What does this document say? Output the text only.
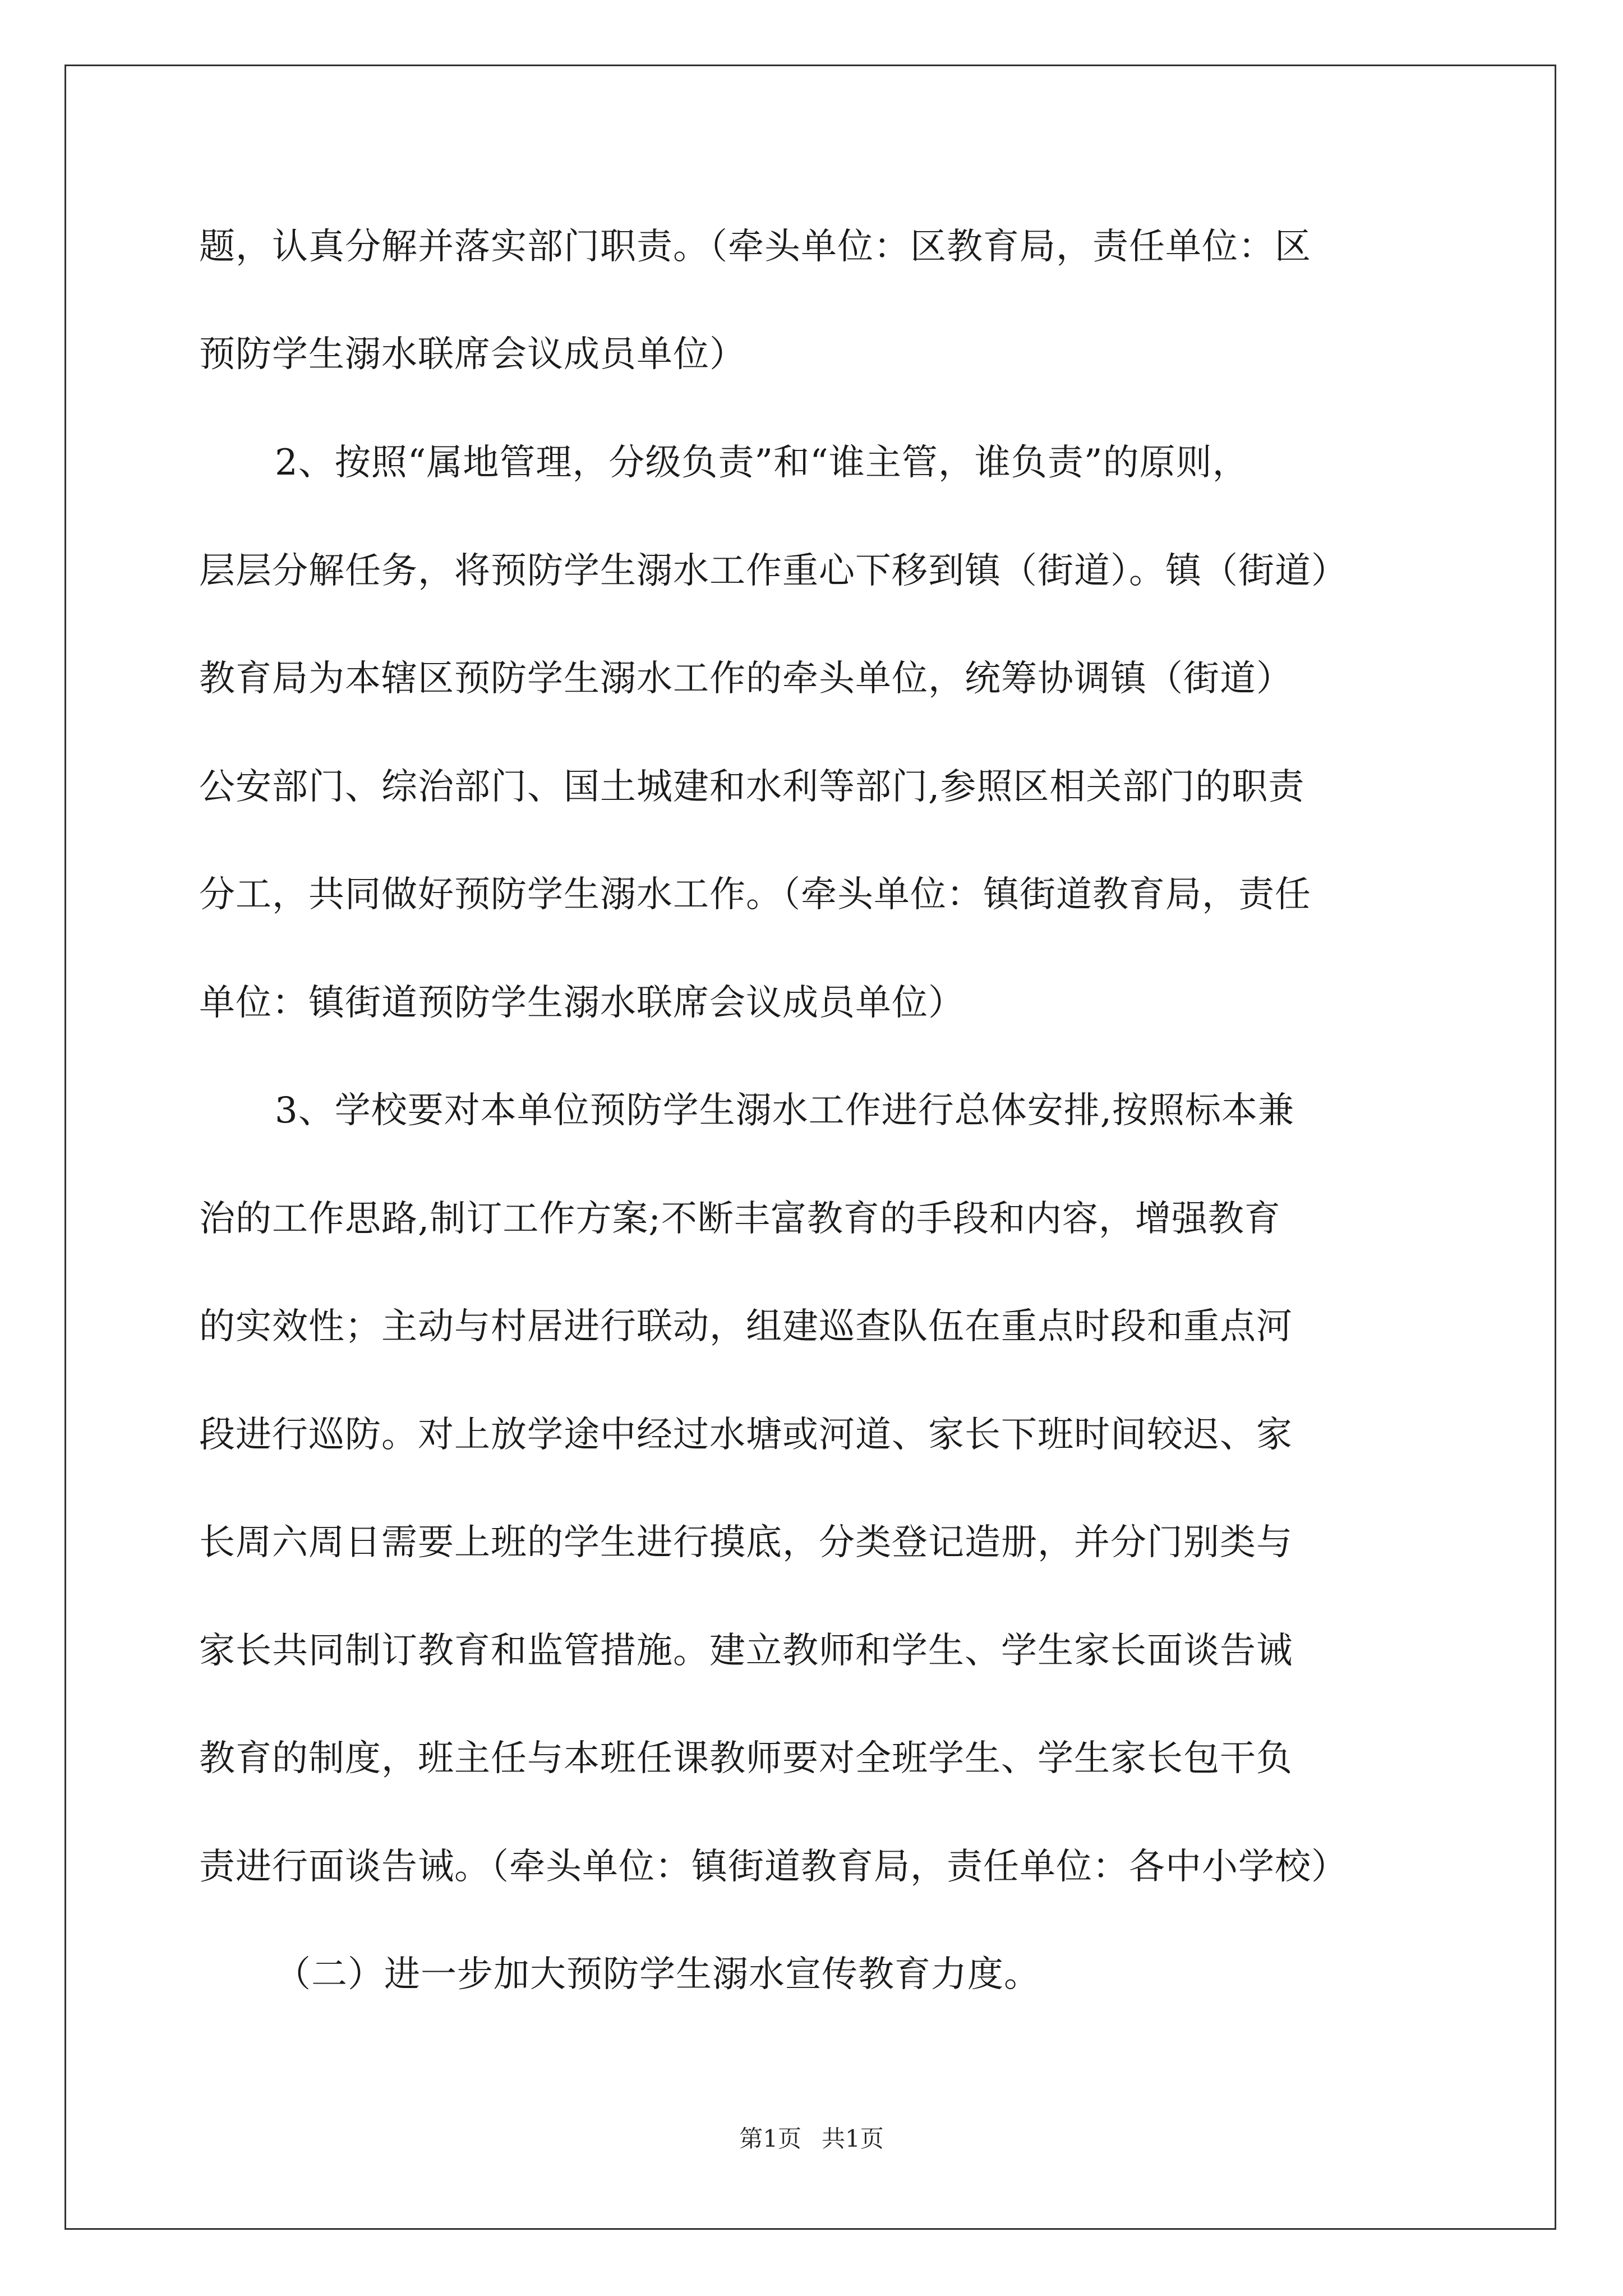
题，认真分解并落实部门职责。（牵头单位：区教育局，责任单位：区
预防学生溺水联席会议成员单位）
2、按照“属地管理，分级负责”和“谁主管，谁负责”的原则，
层层分解任务，将预防学生溺水工作重心下移到镇（街道）。镇（街道）
教育局为本辖区预防学生溺水工作的牵头单位，统筹协调镇（街道）
公安部门、综治部门、国土城建和水利等部门,参照区相关部门的职责
分工，共同做好预防学生溺水工作。（牵头单位：镇街道教育局，责任
单位：镇街道预防学生溺水联席会议成员单位）
3、学校要对本单位预防学生溺水工作进行总体安排,按照标本兼
治的工作思路,制订工作方案;不断丰富教育的手段和内容，增强教育
的实效性；主动与村居进行联动，组建巡查队伍在重点时段和重点河
段进行巡防。对上放学途中经过水塘或河道、家长下班时间较迟、家
长周六周日需要上班的学生进行摸底，分类登记造册，并分门别类与
家长共同制订教育和监管措施。建立教师和学生、学生家长面谈告诫
教育的制度，班主任与本班任课教师要对全班学生、学生家长包干负
责进行面谈告诫。（牵头单位：镇街道教育局，责任单位：各中小学校）
（二）进一步加大预防学生溺水宣传教育力度。
第1页 共1页
